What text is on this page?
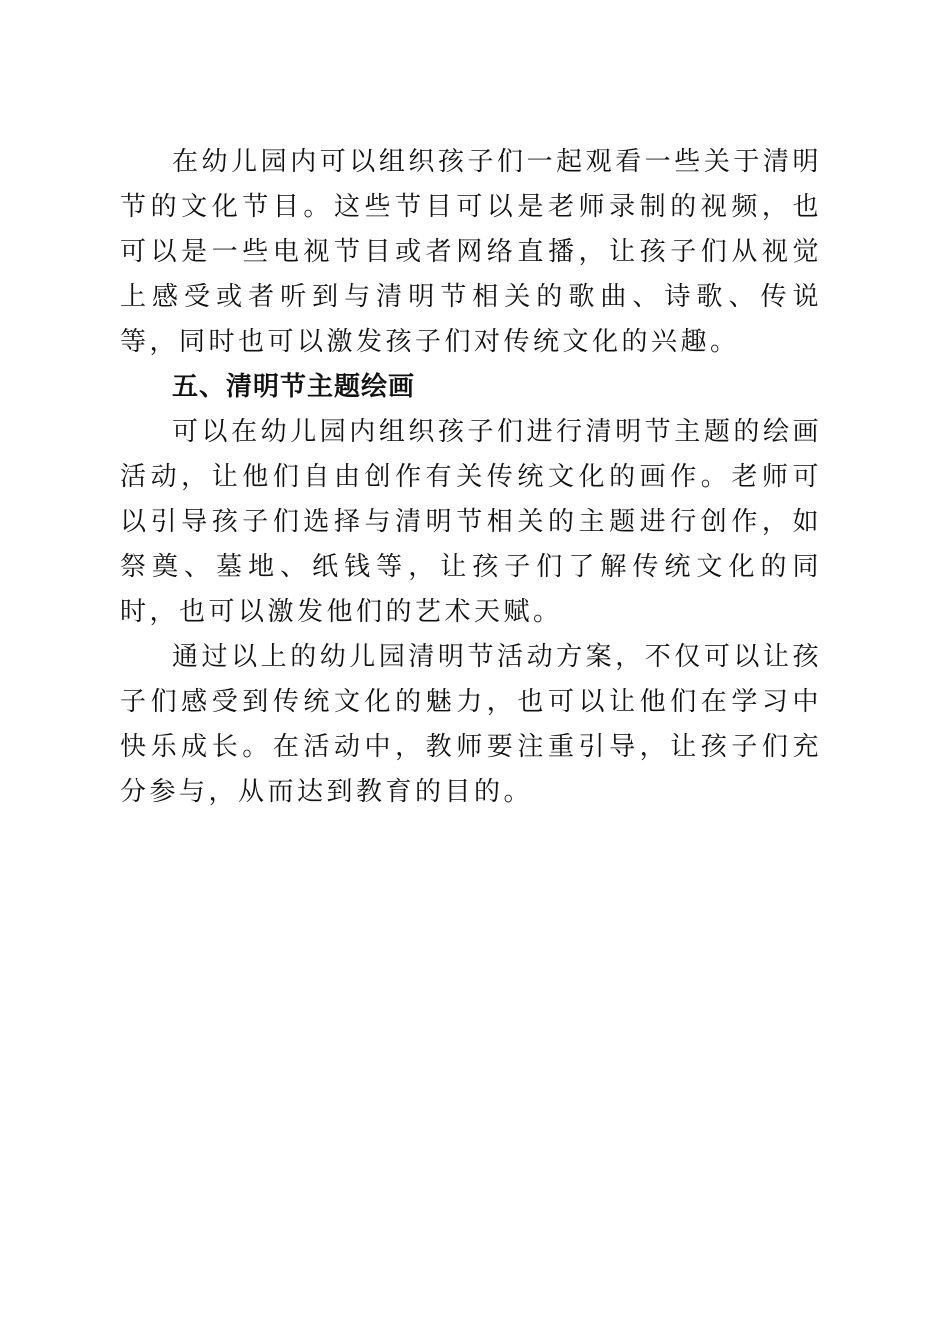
在幼儿园内可以组织孩子们一起观看一些关于清明节的文化节目。这些节目可以是老师录制的视频，也可以是一些电视节目或者网络直播，让孩子们从视觉上感受或者听到与清明节相关的歌曲、诗歌、传说等，同时也可以激发孩子们对传统文化的兴趣。

五、清明节主题绘画

可以在幼儿园内组织孩子们进行清明节主题的绘画活动，让他们自由创作有关传统文化的画作。老师可以引导孩子们选择与清明节相关的主题进行创作，如祭奠、墓地、纸钱等，让孩子们了解传统文化的同时，也可以激发他们的艺术天赋。

通过以上的幼儿园清明节活动方案，不仅可以让孩子们感受到传统文化的魅力，也可以让他们在学习中快乐成长。在活动中，教师要注重引导，让孩子们充分参与，从而达到教育的目的。
